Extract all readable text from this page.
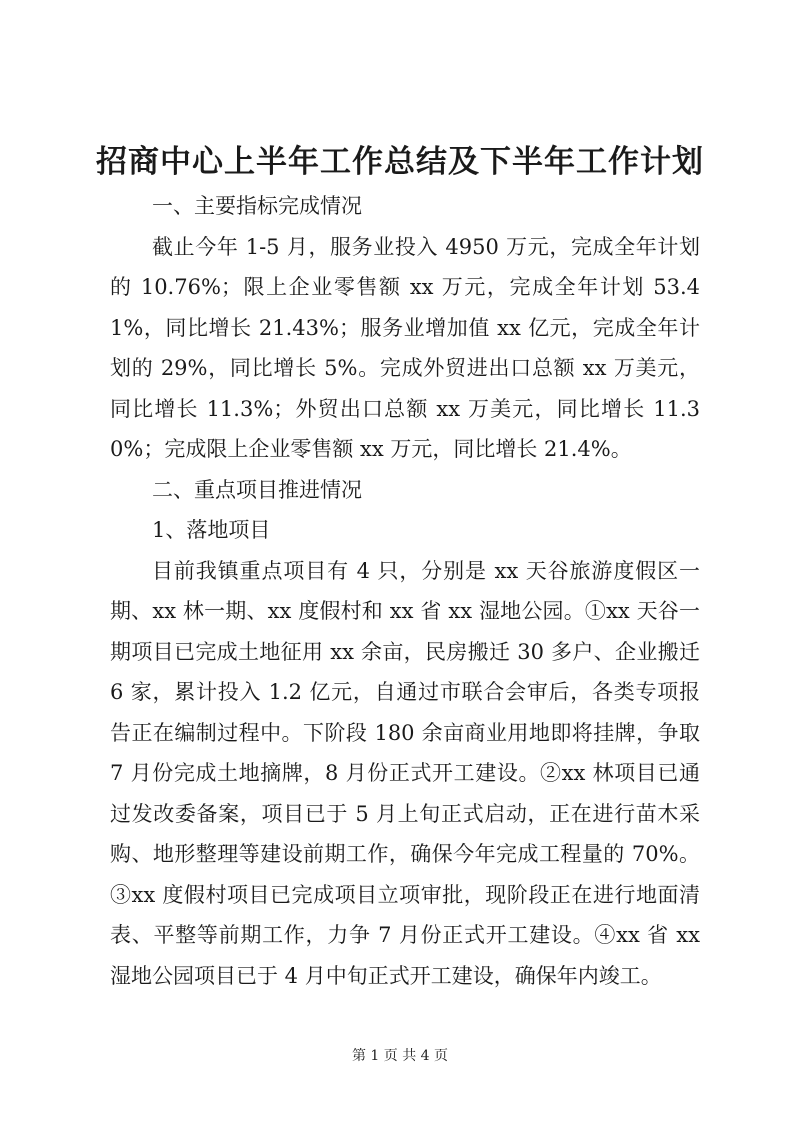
招商中心上半年工作总结及下半年工作计划

一、主要指标完成情况

截止今年 1-5 月，服务业投入 4950 万元，完成全年计划的 10.76%；限上企业零售额 xx 万元，完成全年计划 53.41%，同比增长 21.43%；服务业增加值 xx 亿元，完成全年计划的 29%，同比增长 5%。完成外贸进出口总额 xx 万美元，同比增长 11.3%；外贸出口总额 xx 万美元，同比增长 11.30%；完成限上企业零售额 xx 万元，同比增长 21.4%。

二、重点项目推进情况

1、落地项目

目前我镇重点项目有 4 只，分别是 xx 天谷旅游度假区一期、xx 林一期、xx 度假村和 xx 省 xx 湿地公园。①xx 天谷一期项目已完成土地征用 xx 余亩，民房搬迁 30 多户、企业搬迁 6 家，累计投入 1.2 亿元，自通过市联合会审后，各类专项报告正在编制过程中。下阶段 180 余亩商业用地即将挂牌，争取 7 月份完成土地摘牌，8 月份正式开工建设。②xx 林项目已通过发改委备案，项目已于 5 月上旬正式启动，正在进行苗木采购、地形整理等建设前期工作，确保今年完成工程量的 70%。③xx 度假村项目已完成项目立项审批，现阶段正在进行地面清表、平整等前期工作，力争 7 月份正式开工建设。④xx 省 xx 湿地公园项目已于 4 月中旬正式开工建设，确保年内竣工。

第 1 页 共 4 页
